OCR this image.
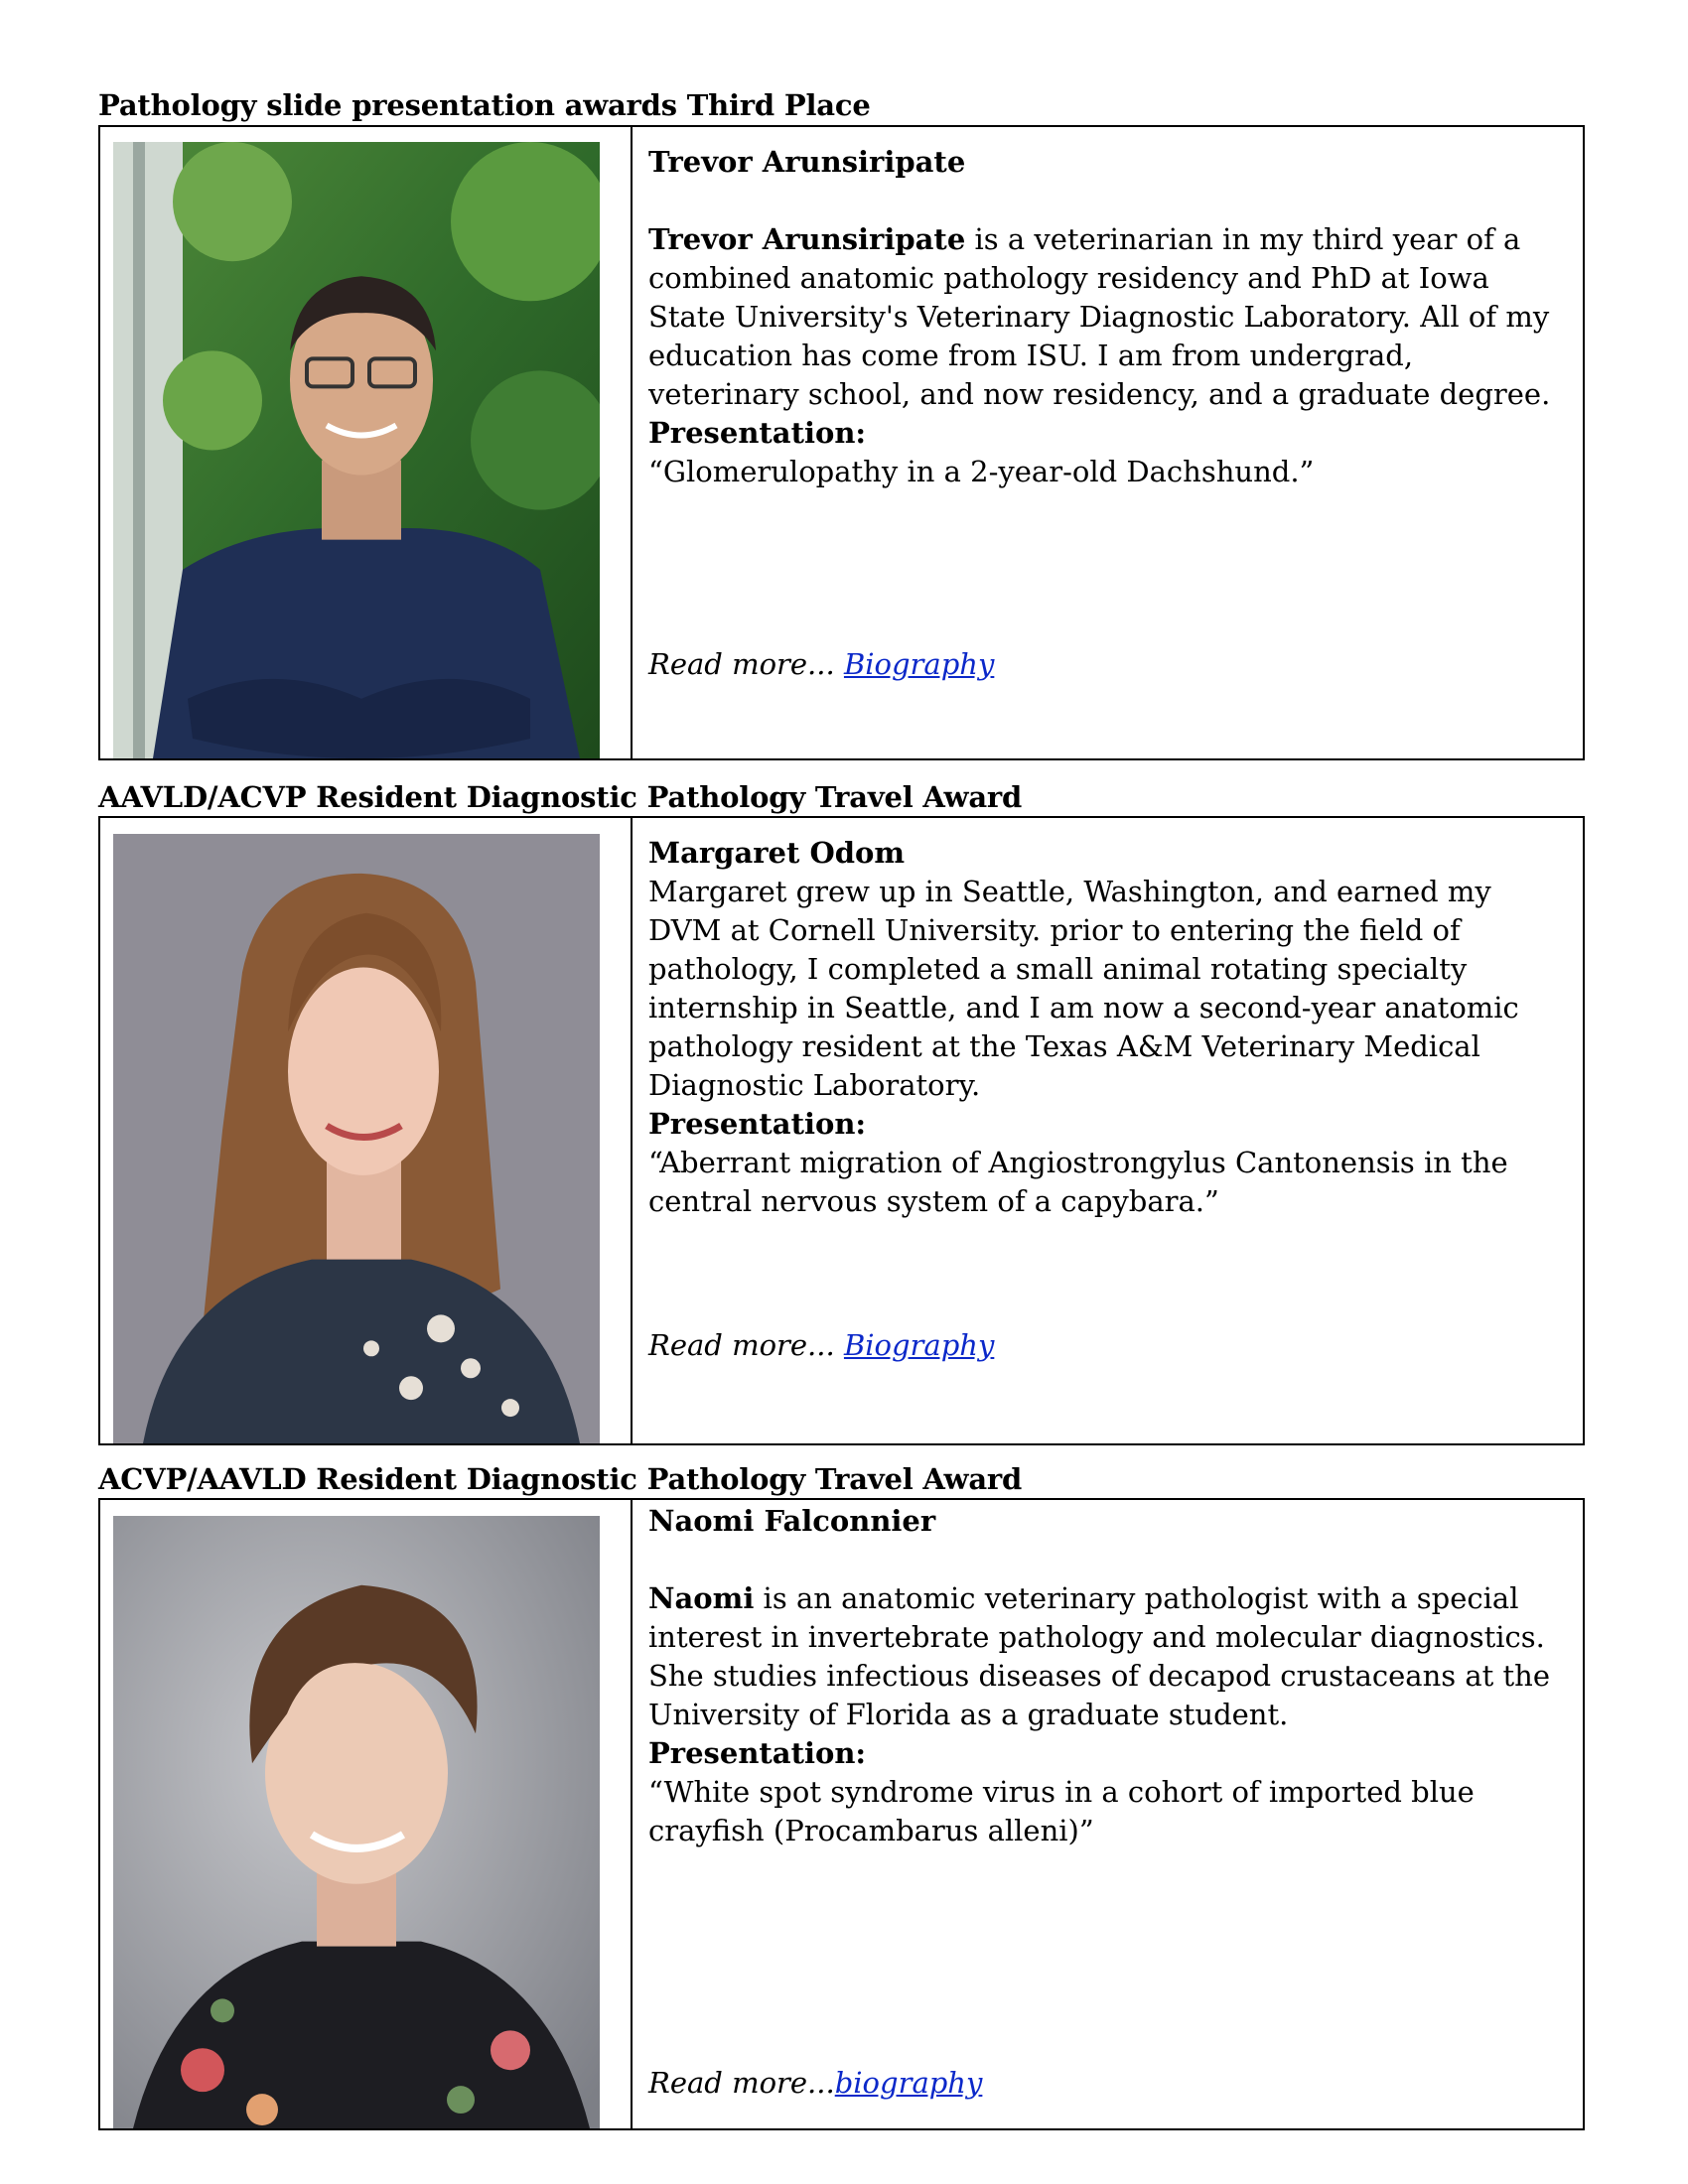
Pathology slide presentation awards Third Place

Trevor Arunsiripate

Trevor Arunsiripate is a veterinarian in my third year of a combined anatomic pathology residency and PhD at Iowa State University's Veterinary Diagnostic Laboratory. All of my education has come from ISU. I am from undergrad, veterinary school, and now residency, and a graduate degree.

Presentation:

“Glomerulopathy in a 2-year-old Dachshund.”

Read more... Biography
AAVLD/ACVP Resident Diagnostic Pathology Travel Award

Margaret Odom

Margaret grew up in Seattle, Washington, and earned my DVM at Cornell University. prior to entering the field of pathology, I completed a small animal rotating specialty internship in Seattle, and I am now a second-year anatomic pathology resident at the Texas A&M Veterinary Medical Diagnostic Laboratory.

Presentation:

“Aberrant migration of Angiostrongylus Cantonensis in the central nervous system of a capybara.”

Read more... Biography
ACVP/AAVLD Resident Diagnostic Pathology Travel Award

Naomi Falconnier

Naomi is an anatomic veterinary pathologist with a special interest in invertebrate pathology and molecular diagnostics. She studies infectious diseases of decapod crustaceans at the University of Florida as a graduate student.

Presentation:

“White spot syndrome virus in a cohort of imported blue crayfish (Procambarus alleni)”

Read more...biography
